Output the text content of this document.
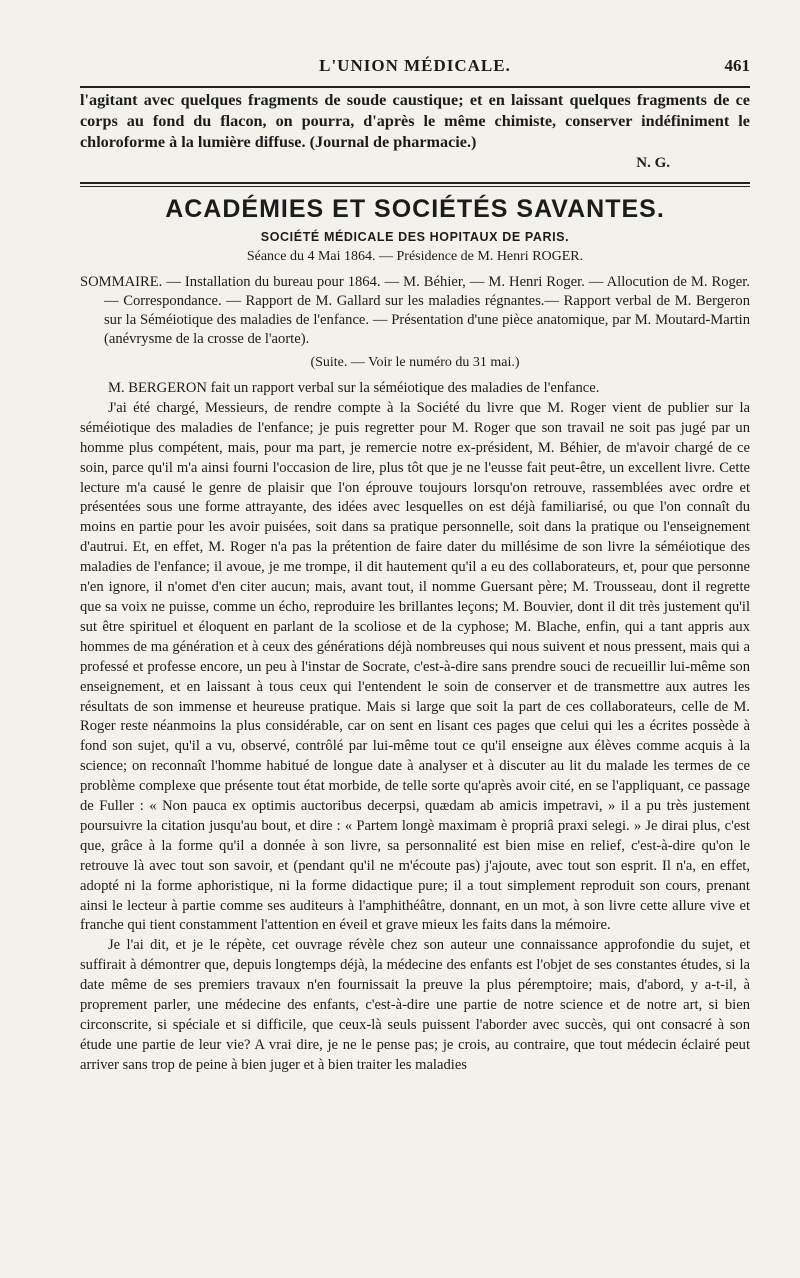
L'UNION MÉDICALE.	461

l'agitant avec quelques fragments de soude caustique; et en laissant quelques fragments de ce corps au fond du flacon, on pourra, d'après le même chimiste, conserver indéfiniment le chloroforme à la lumière diffuse. (Journal de pharmacie.)

N. G.
ACADÉMIES ET SOCIÉTÉS SAVANTES.
SOCIÉTÉ MÉDICALE DES HOPITAUX DE PARIS.
Séance du 4 Mai 1864. — Présidence de M. Henri ROGER.

SOMMAIRE. — Installation du bureau pour 1864. — M. Béhier, — M. Henri Roger. — Allocution de M. Roger. — Correspondance. — Rapport de M. Gallard sur les maladies régnantes.— Rapport verbal de M. Bergeron sur la Séméiotique des maladies de l'enfance. — Présentation d'une pièce anatomique, par M. Moutard-Martin (anévrysme de la crosse de l'aorte).

(Suite. — Voir le numéro du 31 mai.)

M. BERGERON fait un rapport verbal sur la séméiotique des maladies de l'enfance.

J'ai été chargé, Messieurs, de rendre compte à la Société du livre que M. Roger vient de publier sur la séméiotique des maladies de l'enfance; je puis regretter pour M. Roger que son travail ne soit pas jugé par un homme plus compétent, mais, pour ma part, je remercie notre ex-président, M. Béhier, de m'avoir chargé de ce soin, parce qu'il m'a ainsi fourni l'occasion de lire, plus tôt que je ne l'eusse fait peut-être, un excellent livre. Cette lecture m'a causé le genre de plaisir que l'on éprouve toujours lorsqu'on retrouve, rassemblées avec ordre et présentées sous une forme attrayante, des idées avec lesquelles on est déjà familiarisé, ou que l'on connaît du moins en partie pour les avoir puisées, soit dans sa pratique personnelle, soit dans la pratique ou l'enseignement d'autrui. Et, en effet, M. Roger n'a pas la prétention de faire dater du millésime de son livre la séméiotique des maladies de l'enfance; il avoue, je me trompe, il dit hautement qu'il a eu des collaborateurs, et, pour que personne n'en ignore, il n'omet d'en citer aucun; mais, avant tout, il nomme Guersant père; M. Trousseau, dont il regrette que sa voix ne puisse, comme un écho, reproduire les brillantes leçons; M. Bouvier, dont il dit très justement qu'il sut être spirituel et éloquent en parlant de la scoliose et de la cyphose; M. Blache, enfin, qui a tant appris aux hommes de ma génération et à ceux des générations déjà nombreuses qui nous suivent et nous pressent, mais qui a professé et professe encore, un peu à l'instar de Socrate, c'est-à-dire sans prendre souci de recueillir lui-même son enseignement, et en laissant à tous ceux qui l'entendent le soin de conserver et de transmettre aux autres les résultats de son immense et heureuse pratique. Mais si large que soit la part de ces collaborateurs, celle de M. Roger reste néanmoins la plus considérable, car on sent en lisant ces pages que celui qui les a écrites possède à fond son sujet, qu'il a vu, observé, contrôlé par lui-même tout ce qu'il enseigne aux élèves comme acquis à la science; on reconnaît l'homme habitué de longue date à analyser et à discuter au lit du malade les termes de ce problème complexe que présente tout état morbide, de telle sorte qu'après avoir cité, en se l'appliquant, ce passage de Fuller : « Non pauca ex optimis auctoribus decerpsi, quædam ab amicis impetravi, » il a pu très justement poursuivre la citation jusqu'au bout, et dire : « Partem longè maximam è propriâ praxi selegi. » Je dirai plus, c'est que, grâce à la forme qu'il a donnée à son livre, sa personnalité est bien mise en relief, c'est-à-dire qu'on le retrouve là avec tout son savoir, et (pendant qu'il ne m'écoute pas) j'ajoute, avec tout son esprit. Il n'a, en effet, adopté ni la forme aphoristique, ni la forme didactique pure; il a tout simplement reproduit son cours, prenant ainsi le lecteur à partie comme ses auditeurs à l'amphithéâtre, donnant, en un mot, à son livre cette allure vive et franche qui tient constamment l'attention en éveil et grave mieux les faits dans la mémoire.

Je l'ai dit, et je le répète, cet ouvrage révèle chez son auteur une connaissance approfondie du sujet, et suffirait à démontrer que, depuis longtemps déjà, la médecine des enfants est l'objet de ses constantes études, si la date même de ses premiers travaux n'en fournissait la preuve la plus péremptoire; mais, d'abord, y a-t-il, à proprement parler, une médecine des enfants, c'est-à-dire une partie de notre science et de notre art, si bien circonscrite, si spéciale et si difficile, que ceux-là seuls puissent l'aborder avec succès, qui ont consacré à son étude une partie de leur vie? A vrai dire, je ne le pense pas; je crois, au contraire, que tout médecin éclairé peut arriver sans trop de peine à bien juger et à bien traiter les maladies
